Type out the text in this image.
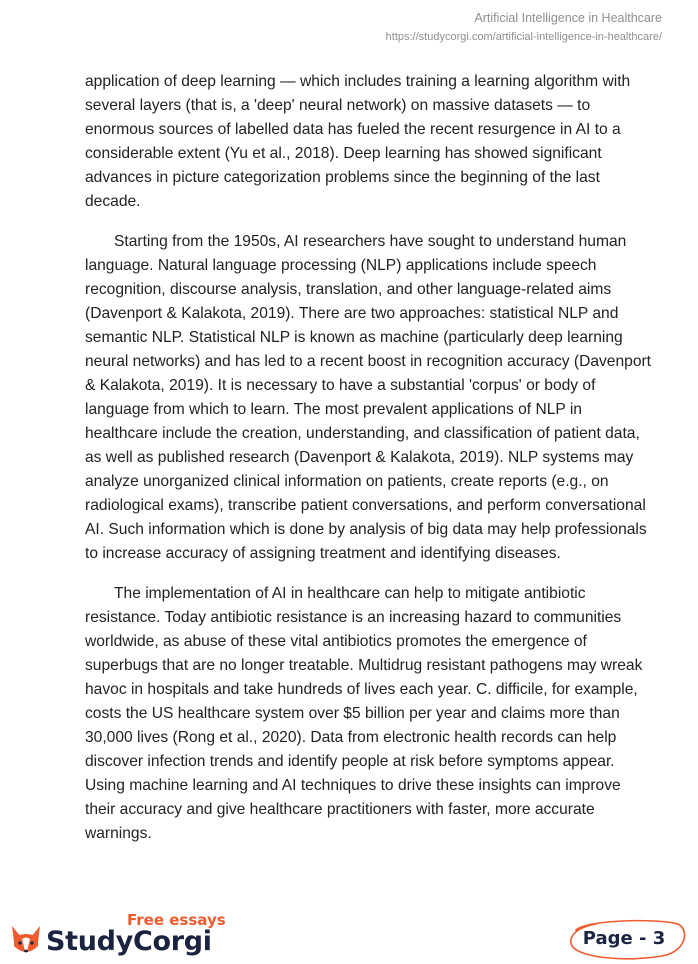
Artificial Intelligence in Healthcare
https://studycorgi.com/artificial-intelligence-in-healthcare/

application of deep learning — which includes training a learning algorithm with several layers (that is, a 'deep' neural network) on massive datasets — to enormous sources of labelled data has fueled the recent resurgence in AI to a considerable extent (Yu et al., 2018). Deep learning has showed significant advances in picture categorization problems since the beginning of the last decade.

Starting from the 1950s, AI researchers have sought to understand human language. Natural language processing (NLP) applications include speech recognition, discourse analysis, translation, and other language-related aims (Davenport & Kalakota, 2019). There are two approaches: statistical NLP and semantic NLP. Statistical NLP is known as machine (particularly deep learning neural networks) and has led to a recent boost in recognition accuracy (Davenport & Kalakota, 2019). It is necessary to have a substantial 'corpus' or body of language from which to learn. The most prevalent applications of NLP in healthcare include the creation, understanding, and classification of patient data, as well as published research (Davenport & Kalakota, 2019). NLP systems may analyze unorganized clinical information on patients, create reports (e.g., on radiological exams), transcribe patient conversations, and perform conversational AI. Such information which is done by analysis of big data may help professionals to increase accuracy of assigning treatment and identifying diseases.

The implementation of AI in healthcare can help to mitigate antibiotic resistance. Today antibiotic resistance is an increasing hazard to communities worldwide, as abuse of these vital antibiotics promotes the emergence of superbugs that are no longer treatable. Multidrug resistant pathogens may wreak havoc in hospitals and take hundreds of lives each year. C. difficile, for example, costs the US healthcare system over $5 billion per year and claims more than 30,000 lives (Rong et al., 2020). Data from electronic health records can help discover infection trends and identify people at risk before symptoms appear. Using machine learning and AI techniques to drive these insights can improve their accuracy and give healthcare practitioners with faster, more accurate warnings.

Free essays
StudyCorgi	Page - 3
